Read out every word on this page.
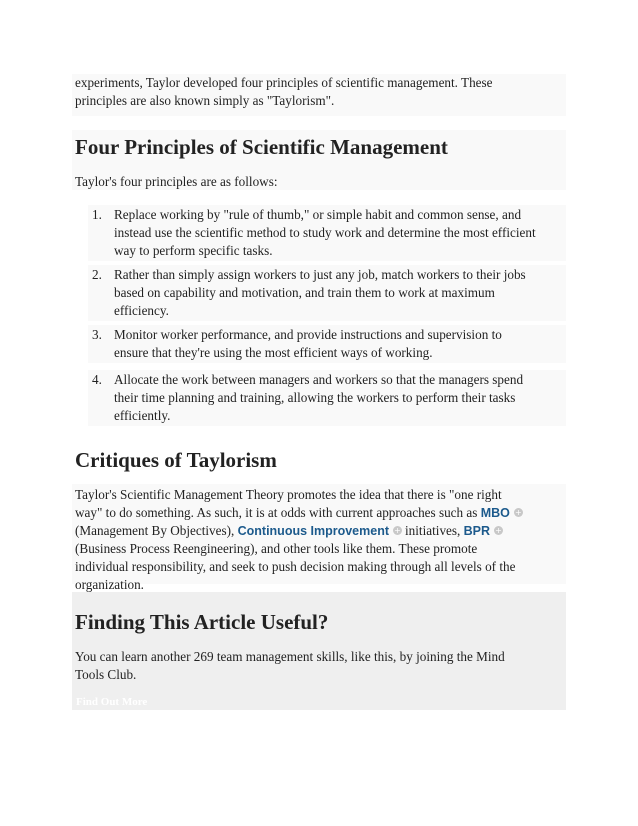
experiments, Taylor developed four principles of scientific management. These
principles are also known simply as "Taylorism".
Four Principles of Scientific Management
Taylor's four principles are as follows:
1. Replace working by "rule of thumb," or simple habit and common sense, and
instead use the scientific method to study work and determine the most efficient
way to perform specific tasks.
2. Rather than simply assign workers to just any job, match workers to their jobs
based on capability and motivation, and train them to work at maximum
efficiency.
3. Monitor worker performance, and provide instructions and supervision to
ensure that they're using the most efficient ways of working.
4. Allocate the work between managers and workers so that the managers spend
their time planning and training, allowing the workers to perform their tasks
efficiently.
Critiques of Taylorism
Taylor's Scientific Management Theory promotes the idea that there is "one right
way" to do something. As such, it is at odds with current approaches such as MBO +
(Management By Objectives), Continuous Improvement + initiatives, BPR +
(Business Process Reengineering), and other tools like them. These promote
individual responsibility, and seek to push decision making through all levels of the
organization.
Finding This Article Useful?
You can learn another 269 team management skills, like this, by joining the Mind
Tools Club.
Find Out More
